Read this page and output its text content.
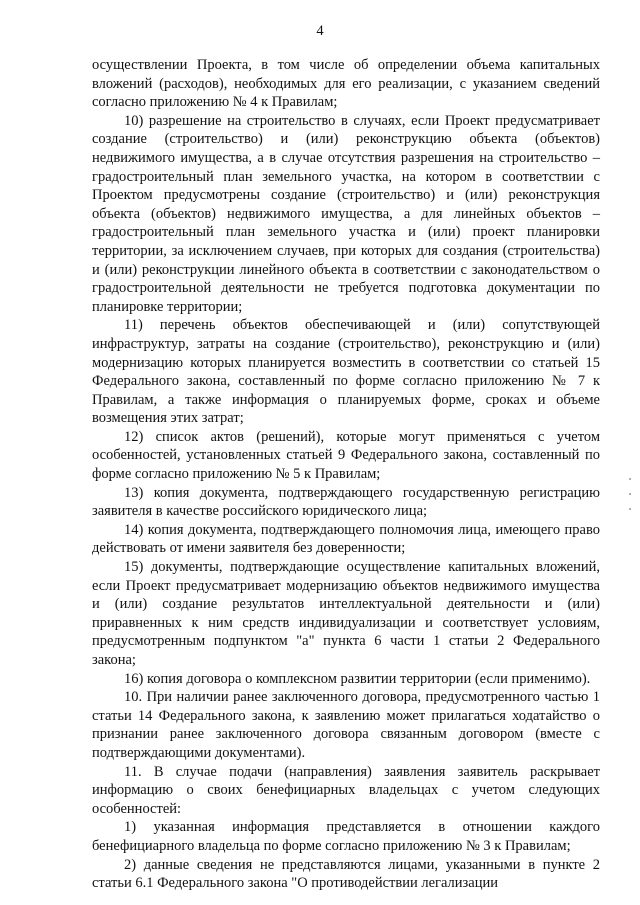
4

осуществлении Проекта, в том числе об определении объема капитальных вложений (расходов), необходимых для его реализации, с указанием сведений согласно приложению № 4 к Правилам;

10) разрешение на строительство в случаях, если Проект предусматривает создание (строительство) и (или) реконструкцию объекта (объектов) недвижимого имущества, а в случае отсутствия разрешения на строительство – градостроительный план земельного участка, на котором в соответствии с Проектом предусмотрены создание (строительство) и (или) реконструкция объекта (объектов) недвижимого имущества, а для линейных объектов – градостроительный план земельного участка и (или) проект планировки территории, за исключением случаев, при которых для создания (строительства) и (или) реконструкции линейного объекта в соответствии с законодательством о градостроительной деятельности не требуется подготовка документации по планировке территории;

11) перечень объектов обеспечивающей и (или) сопутствующей инфраструктур, затраты на создание (строительство), реконструкцию и (или) модернизацию которых планируется возместить в соответствии со статьей 15 Федерального закона, составленный по форме согласно приложению № 7 к Правилам, а также информация о планируемых форме, сроках и объеме возмещения этих затрат;

12) список актов (решений), которые могут применяться с учетом особенностей, установленных статьей 9 Федерального закона, составленный по форме согласно приложению № 5 к Правилам;

13) копия документа, подтверждающего государственную регистрацию заявителя в качестве российского юридического лица;

14) копия документа, подтверждающего полномочия лица, имеющего право действовать от имени заявителя без доверенности;

15) документы, подтверждающие осуществление капитальных вложений, если Проект предусматривает модернизацию объектов недвижимого имущества и (или) создание результатов интеллектуальной деятельности и (или) приравненных к ним средств индивидуализации и соответствует условиям, предусмотренным подпунктом "а" пункта 6 части 1 статьи 2 Федерального закона;

16) копия договора о комплексном развитии территории (если применимо).

10. При наличии ранее заключенного договора, предусмотренного частью 1 статьи 14 Федерального закона, к заявлению может прилагаться ходатайство о признании ранее заключенного договора связанным договором (вместе с подтверждающими документами).

11. В случае подачи (направления) заявления заявитель раскрывает информацию о своих бенефициарных владельцах с учетом следующих особенностей:

1) указанная информация представляется в отношении каждого бенефициарного владельца по форме согласно приложению № 3 к Правилам;

2) данные сведения не представляются лицами, указанными в пункте 2 статьи 6.1 Федерального закона "О противодействии легализации
